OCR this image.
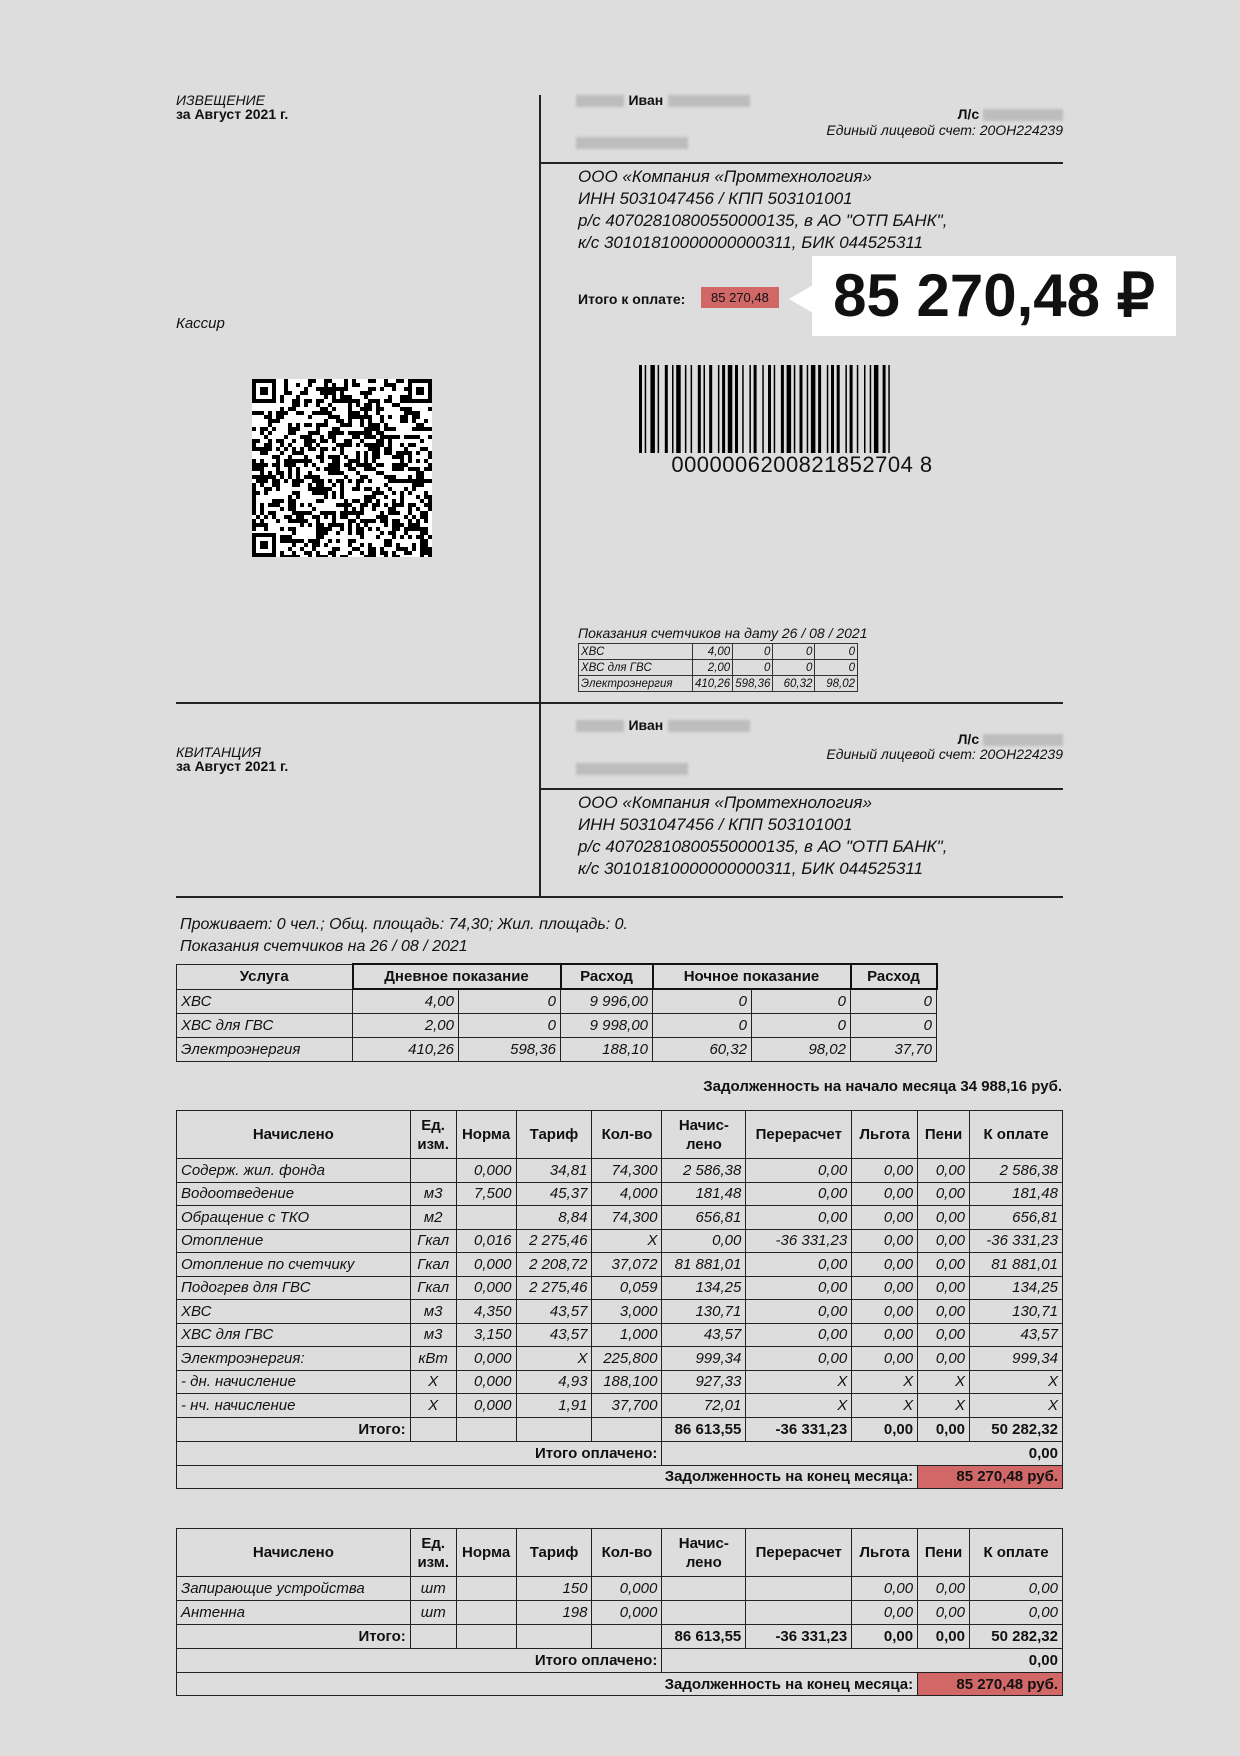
ИЗВЕЩЕНИЕ
за Август 2021 г.
Кассир
Иван
Л/с
Единый лицевой счет: 20ОН224239
ООО «Компания «Промтехнология»
ИНН 5031047456 / КПП 503101001
р/с 40702810800550000135, в АО "ОТП БАНК",
к/с 30101810000000000311, БИК 044525311
Итого к оплате:	85 270,48	85 270,48 ₽
0000006200821852704 8
Показания счетчиков на дату 26 / 08 / 2021
ХВС	4,00	0	0	0
ХВС для ГВС	2,00	0	0	0
Электроэнергия	410,26	598,36	60,32	98,02
КВИТАНЦИЯ
за Август 2021 г.
Иван
Л/с
Единый лицевой счет: 20ОН224239
ООО «Компания «Промтехнология»
ИНН 5031047456 / КПП 503101001
р/с 40702810800550000135, в АО "ОТП БАНК",
к/с 30101810000000000311, БИК 044525311
Проживает: 0 чел.; Общ. площадь: 74,30; Жил. площадь: 0.
Показания счетчиков на 26 / 08 / 2021
Услуга	Дневное показание		Расход	Ночное показание		Расход
ХВС	4,00	0	9 996,00	0	0	0
ХВС для ГВС	2,00	0	9 998,00	0	0	0
Электроэнергия	410,26	598,36	188,10	60,32	98,02	37,70
Задолженность на начало месяца 34 988,16 руб.
Начислено	Ед. изм.	Норма	Тариф	Кол-во	Начис- лено	Перерасчет	Льгота	Пени	К оплате
Содерж. жил. фонда		0,000	34,81	74,300	2 586,38	0,00	0,00	0,00	2 586,38
Водоотведение	м3	7,500	45,37	4,000	181,48	0,00	0,00	0,00	181,48
Обращение с ТКО	м2		8,84	74,300	656,81	0,00	0,00	0,00	656,81
Отопление	Гкал	0,016	2 275,46	X	0,00	-36 331,23	0,00	0,00	-36 331,23
Отопление по счетчику	Гкал	0,000	2 208,72	37,072	81 881,01	0,00	0,00	0,00	81 881,01
Подогрев для ГВС	Гкал	0,000	2 275,46	0,059	134,25	0,00	0,00	0,00	134,25
ХВС	м3	4,350	43,57	3,000	130,71	0,00	0,00	0,00	130,71
ХВС для ГВС	м3	3,150	43,57	1,000	43,57	0,00	0,00	0,00	43,57
Электроэнергия:	кВт	0,000	X	225,800	999,34	0,00	0,00	0,00	999,34
- дн. начисление	X	0,000	4,93	188,100	927,33	X	X	X	X
- нч. начисление	X	0,000	1,91	37,700	72,01	X	X	X	X
Итого:					86 613,55	-36 331,23	0,00	0,00	50 282,32
Итого оплачено:					0,00				
Задолженность на конец месяца:								85 270,48 руб.	
Начислено	Ед. изм.	Норма	Тариф	Кол-во	Начис- лено	Перерасчет	Льгота	Пени	К оплате
Запирающие устройства	шт		150	0,000			0,00	0,00	0,00
Антенна	шт		198	0,000			0,00	0,00	0,00
Итого:					86 613,55	-36 331,23	0,00	0,00	50 282,32
Итого оплачено:					0,00				
Задолженность на конец месяца:								85 270,48 руб.	
